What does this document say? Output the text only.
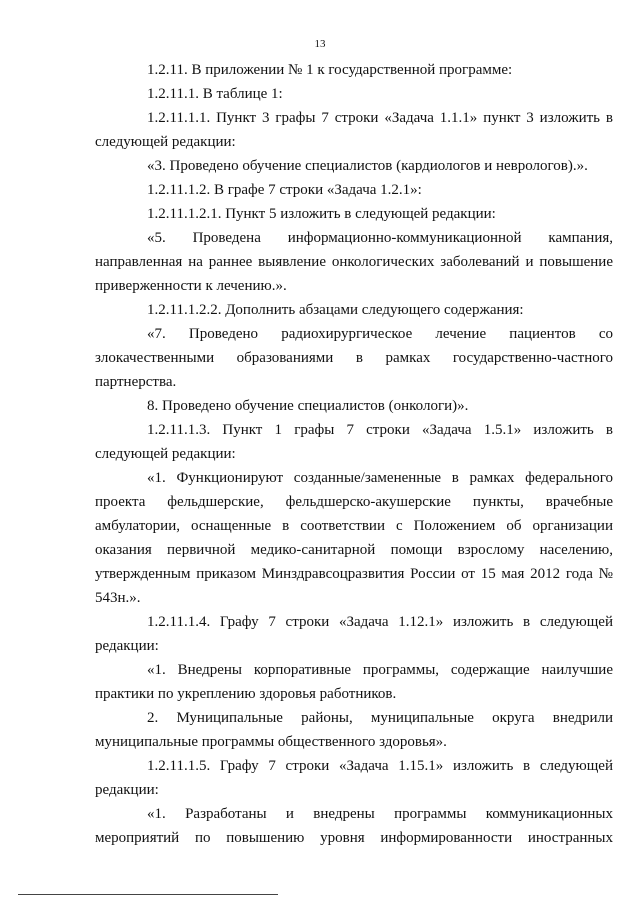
13

1.2.11. В приложении № 1 к государственной программе:

1.2.11.1. В таблице 1:

1.2.11.1.1. Пункт 3 графы 7 строки «Задача 1.1.1» пункт 3 изложить в следующей редакции:

«3. Проведено обучение специалистов (кардиологов и неврологов).».

1.2.11.1.2. В графе 7 строки «Задача 1.2.1»:

1.2.11.1.2.1. Пункт 5 изложить в следующей редакции:

«5. Проведена информационно-коммуникационной кампания, направленная на раннее выявление онкологических заболеваний и повышение приверженности к лечению.».

1.2.11.1.2.2. Дополнить абзацами следующего содержания:

«7. Проведено радиохирургическое лечение пациентов со злокачественными образованиями в рамках государственно-частного партнерства.

8. Проведено обучение специалистов (онкологи)».

1.2.11.1.3. Пункт 1 графы 7 строки «Задача 1.5.1» изложить в следующей редакции:

«1. Функционируют созданные/замененные в рамках федерального проекта фельдшерские, фельдшерско-акушерские пункты, врачебные амбулатории, оснащенные в соответствии с Положением об организации оказания первичной медико-санитарной помощи взрослому населению, утвержденным приказом Минздравсоцразвития России от 15 мая 2012 года № 543н.».

1.2.11.1.4. Графу 7 строки «Задача 1.12.1» изложить в следующей редакции:

«1. Внедрены корпоративные программы, содержащие наилучшие практики по укреплению здоровья работников.

2. Муниципальные районы, муниципальные округа внедрили муниципальные программы общественного здоровья».

1.2.11.1.5. Графу 7 строки «Задача 1.15.1» изложить в следующей редакции:

«1. Разработаны и внедрены программы коммуникационных мероприятий по повышению уровня информированности иностранных
